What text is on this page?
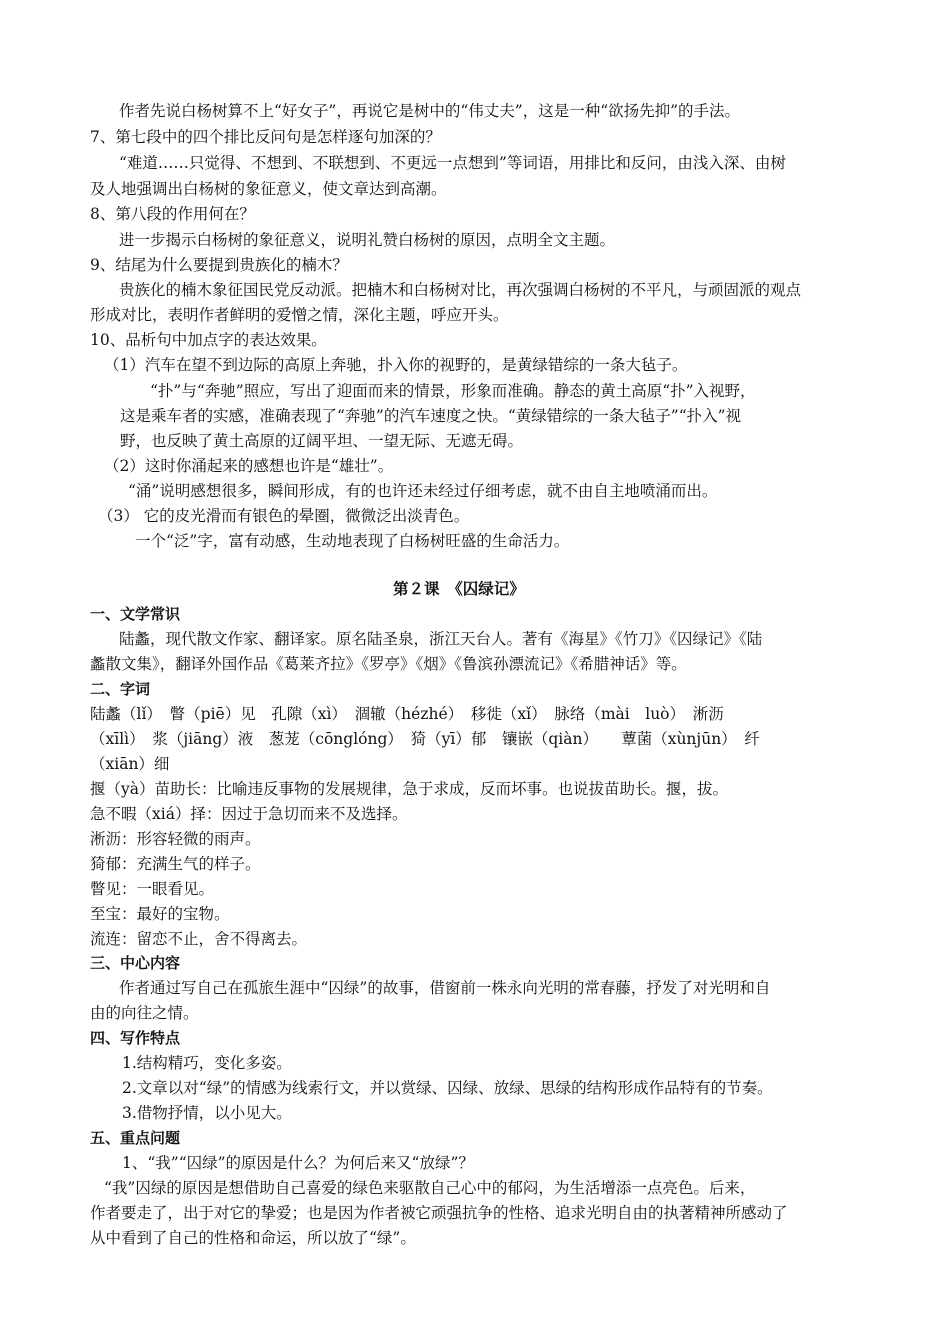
作者先说白杨树算不上“好女子”，再说它是树中的“伟丈夫”，这是一种“欲扬先抑”的手法。

7、第七段中的四个排比反问句是怎样逐句加深的？

“难道……只觉得、不想到、不联想到、不更远一点想到”等词语，用排比和反问，由浅入深、由树

及人地强调出白杨树的象征意义，使文章达到高潮。

8、第八段的作用何在？

进一步揭示白杨树的象征意义，说明礼赞白杨树的原因，点明全文主题。

9、结尾为什么要提到贵族化的楠木？

贵族化的楠木象征国民党反动派。把楠木和白杨树对比，再次强调白杨树的不平凡，与顽固派的观点

形成对比，表明作者鲜明的爱憎之情，深化主题，呼应开头。

10、品析句中加点字的表达效果。

（1）汽车在望不到边际的高原上奔驰，扑入你的视野的，是黄绿错综的一条大毡子。

“扑”与“奔驰”照应，写出了迎面而来的情景，形象而准确。静态的黄土高原“扑”入视野，

这是乘车者的实感，准确表现了“奔驰”的汽车速度之快。“黄绿错综的一条大毡子”“扑入”视

野，也反映了黄土高原的辽阔平坦、一望无际、无遮无碍。

（2）这时你涌起来的感想也许是“雄壮”。

“涌”说明感想很多，瞬间形成，有的也许还未经过仔细考虑，就不由自主地喷涌而出。

（3） 它的皮光滑而有银色的晕圈，微微泛出淡青色。

一个“泛”字，富有动感，生动地表现了白杨树旺盛的生命活力。

第２课　《囚绿记》

一、文学常识

陆蠡，现代散文作家、翻译家。原名陆圣泉，浙江天台人。著有《海星》《竹刀》《囚绿记》《陆

蠡散文集》，翻译外国作品《葛莱齐拉》《罗亭》《烟》《鲁滨孙漂流记》《希腊神话》等。

二、字词

陆蠡（lǐ）　瞥（piē）见　孔隙（xì）　涸辙（hézhé）　移徙（xǐ）　脉络（mài　luò）　淅沥

（xīlì）　浆（jiāng）液　葱茏（cōnglóng）　猗（yī）郁　镶嵌（qiàn）　　蕈菌（xùnjūn）　纤

（xiān）细

揠（yà）苗助长：比喻违反事物的发展规律，急于求成，反而坏事。也说拔苗助长。揠，拔。

急不暇（xiá）择：因过于急切而来不及选择。

淅沥：形容轻微的雨声。

猗郁：充满生气的样子。

瞥见：一眼看见。

至宝：最好的宝物。

流连：留恋不止，舍不得离去。

三、中心内容

作者通过写自己在孤旅生涯中“囚绿”的故事，借窗前一株永向光明的常春藤，抒发了对光明和自

由的向往之情。

四、写作特点

1.结构精巧，变化多姿。

2.文章以对“绿”的情感为线索行文，并以赏绿、囚绿、放绿、思绿的结构形成作品特有的节奏。

3.借物抒情，以小见大。

五、重点问题

1、“我”“囚绿”的原因是什么？为何后来又“放绿”？

“我”囚绿的原因是想借助自己喜爱的绿色来驱散自己心中的郁闷，为生活增添一点亮色。后来，

作者要走了，出于对它的挚爱；也是因为作者被它顽强抗争的性格、追求光明自由的执著精神所感动了

从中看到了自己的性格和命运，所以放了“绿”。
